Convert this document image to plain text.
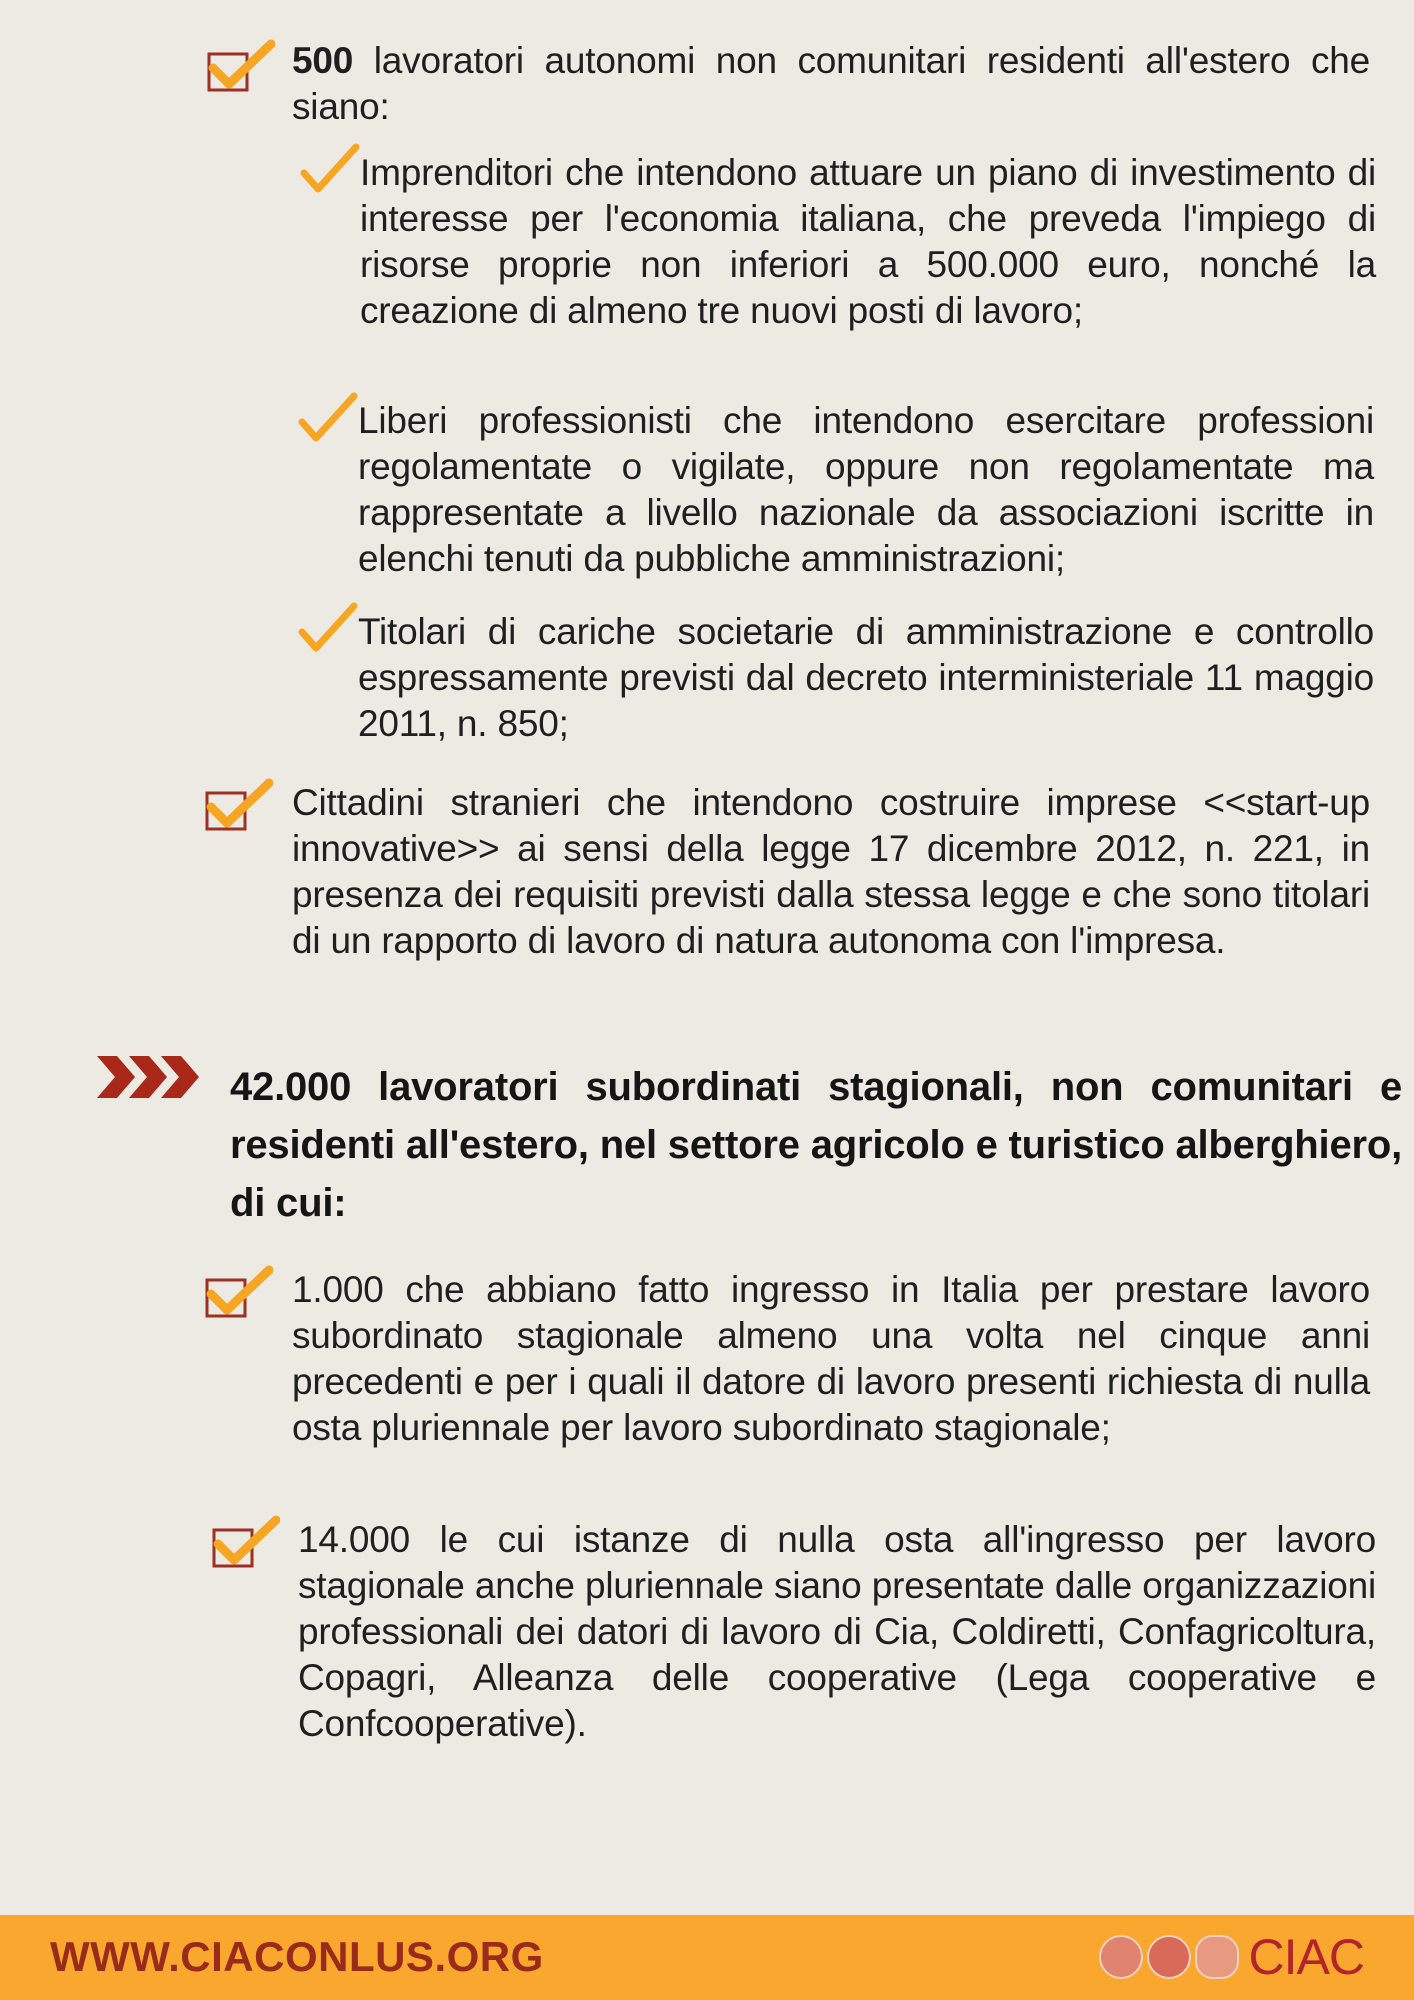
500 lavoratori autonomi non comunitari residenti all'estero che siano:

Imprenditori che intendono attuare un piano di investimento di interesse per l'economia italiana, che preveda l'impiego di risorse proprie non inferiori a 500.000 euro, nonché la creazione di almeno tre nuovi posti di lavoro;

Liberi professionisti che intendono esercitare professioni regolamentate o vigilate, oppure non regolamentate ma rappresentate a livello nazionale da associazioni iscritte in elenchi tenuti da pubbliche amministrazioni;

Titolari di cariche societarie di amministrazione e controllo espressamente previsti dal decreto interministeriale 11 maggio 2011, n. 850;

Cittadini stranieri che intendono costruire imprese <<start-up innovative>> ai sensi della legge 17 dicembre 2012, n. 221, in presenza dei requisiti previsti dalla stessa legge e che sono titolari di un rapporto di lavoro di natura autonoma con l'impresa.

42.000 lavoratori subordinati stagionali, non comunitari e residenti all'estero, nel settore agricolo e turistico alberghiero, di cui:

1.000 che abbiano fatto ingresso in Italia per prestare lavoro subordinato stagionale almeno una volta nel cinque anni precedenti e per i quali il datore di lavoro presenti richiesta di nulla osta pluriennale per lavoro subordinato stagionale;

14.000 le cui istanze di nulla osta all'ingresso per lavoro stagionale anche pluriennale siano presentate dalle organizzazioni professionali dei datori di lavoro di Cia, Coldiretti, Confagricoltura, Copagri, Alleanza delle cooperative (Lega cooperative e Confcooperative).

WWW.CIACONLUS.ORG	CIAC
